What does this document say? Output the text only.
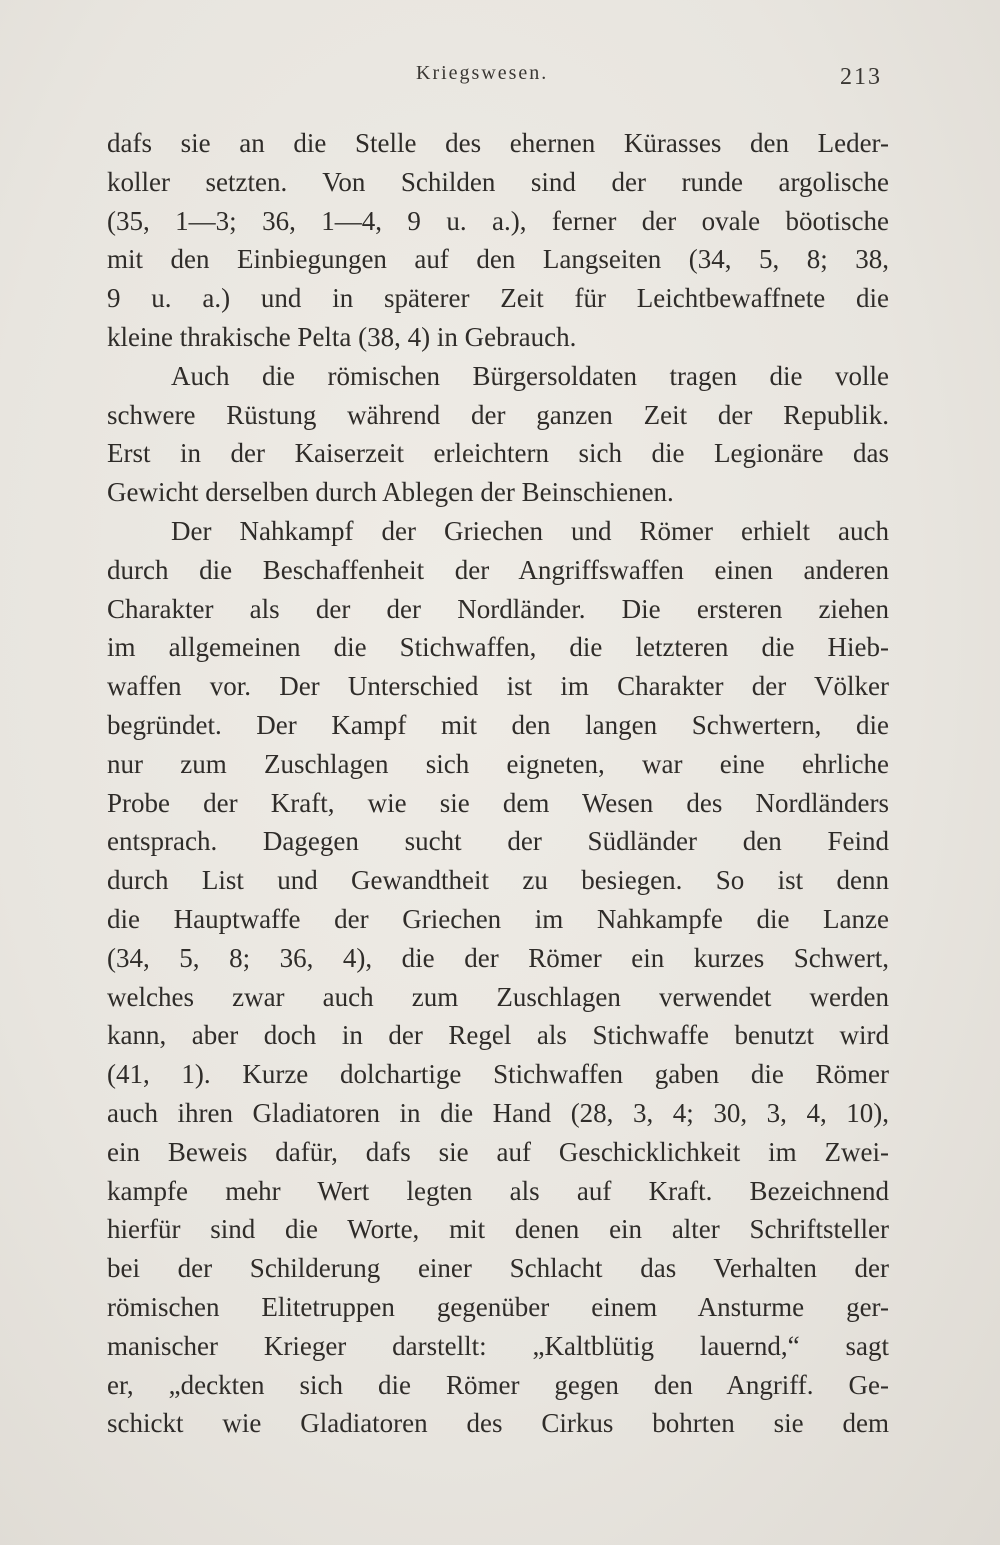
Kriegswesen.	213
dafs sie an die Stelle des ehernen Kürasses den Leder-
koller setzten. Von Schilden sind der runde argolische
(35, 1—3; 36, 1—4, 9 u. a.), ferner der ovale böotische
mit den Einbiegungen auf den Langseiten (34, 5, 8; 38,
9 u. a.) und in späterer Zeit für Leichtbewaffnete die
kleine thrakische Pelta (38, 4) in Gebrauch.
Auch die römischen Bürgersoldaten tragen die volle
schwere Rüstung während der ganzen Zeit der Republik.
Erst in der Kaiserzeit erleichtern sich die Legionäre das
Gewicht derselben durch Ablegen der Beinschienen.
Der Nahkampf der Griechen und Römer erhielt auch
durch die Beschaffenheit der Angriffswaffen einen anderen
Charakter als der der Nordländer. Die ersteren ziehen
im allgemeinen die Stichwaffen, die letzteren die Hieb-
waffen vor. Der Unterschied ist im Charakter der Völker
begründet. Der Kampf mit den langen Schwertern, die
nur zum Zuschlagen sich eigneten, war eine ehrliche
Probe der Kraft, wie sie dem Wesen des Nordländers
entsprach. Dagegen sucht der Südländer den Feind
durch List und Gewandtheit zu besiegen. So ist denn
die Hauptwaffe der Griechen im Nahkampfe die Lanze
(34, 5, 8; 36, 4), die der Römer ein kurzes Schwert,
welches zwar auch zum Zuschlagen verwendet werden
kann, aber doch in der Regel als Stichwaffe benutzt wird
(41, 1). Kurze dolchartige Stichwaffen gaben die Römer
auch ihren Gladiatoren in die Hand (28, 3, 4; 30, 3, 4, 10),
ein Beweis dafür, dafs sie auf Geschicklichkeit im Zwei-
kampfe mehr Wert legten als auf Kraft. Bezeichnend
hierfür sind die Worte, mit denen ein alter Schriftsteller
bei der Schilderung einer Schlacht das Verhalten der
römischen Elitetruppen gegenüber einem Ansturme ger-
manischer Krieger darstellt: „Kaltblütig lauernd,“ sagt
er, „deckten sich die Römer gegen den Angriff. Ge-
schickt wie Gladiatoren des Cirkus bohrten sie dem
